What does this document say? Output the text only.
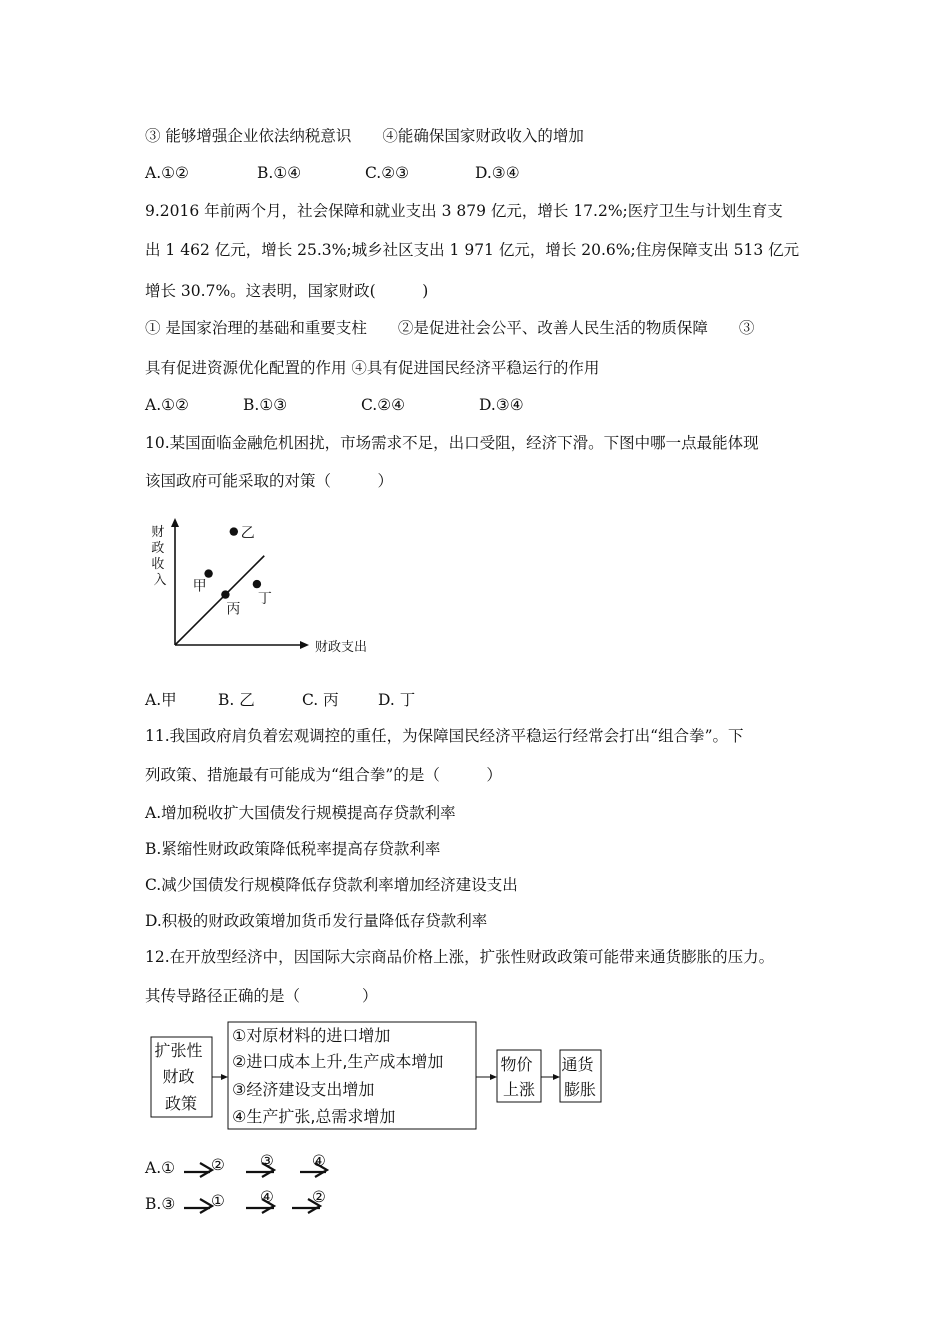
③ 能够增强企业依法纳税意识　　④能确保国家财政收入的增加
A.①②	B.①④	C.②③	D.③④
9.2016 年前两个月，社会保障和就业支出 3 879 亿元，增长 17.2%;医疗卫生与计划生育支
出 1 462 亿元，增长 25.3%;城乡社区支出 1 971 亿元，增长 20.6%;住房保障支出 513 亿元
增长 30.7%。这表明，国家财政(　　　)
① 是国家治理的基础和重要支柱　　②是促进社会公平、改善人民生活的物质保障　　③
具有促进资源优化配置的作用 ④具有促进国民经济平稳运行的作用
A.①②	B.①③	C.②④	D.③④
10.某国面临金融危机困扰，市场需求不足，出口受阻，经济下滑。下图中哪一点最能体现
该国政府可能采取的对策（　　　）
财 政 收 入
财政支出
甲
乙
丙
丁
A.甲	B. 乙	C. 丙	D. 丁
11.我国政府肩负着宏观调控的重任，为保障国民经济平稳运行经常会打出“组合拳”。下
列政策、措施最有可能成为“组合拳”的是（　　　）
A.增加税收扩大国债发行规模提高存贷款利率
B.紧缩性财政政策降低税率提高存贷款利率
C.减少国债发行规模降低存贷款利率增加经济建设支出
D.积极的财政政策增加货币发行量降低存贷款利率
12.在开放型经济中，因国际大宗商品价格上涨，扩张性财政政策可能带来通货膨胀的压力。
其传导路径正确的是（　　　　）
扩张性 财政 政策
①对原材料的进口增加 ②进口成本上升,生产成本增加 ③经济建设支出增加 ④生产扩张,总需求增加
物价 上涨
通货 膨胀
A.① ② ③ ④
B.③ ① ④ ②
